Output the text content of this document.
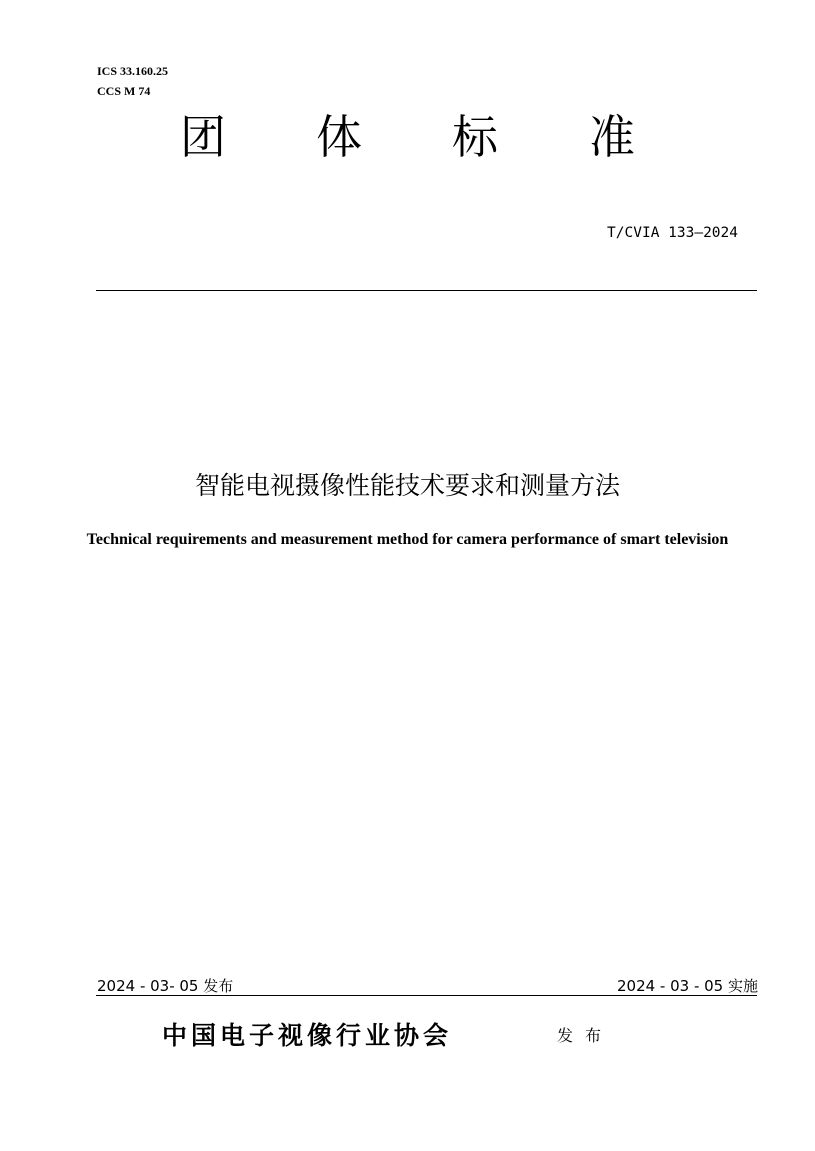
ICS 33.160.25
CCS M 74
团 体 标 准
T/CVIA 133—2024
智能电视摄像性能技术要求和测量方法
Technical requirements and measurement method for camera performance of smart television
2024 - 03- 05 发布	2024 - 03 - 05 实施
中国电子视像行业协会	发布
